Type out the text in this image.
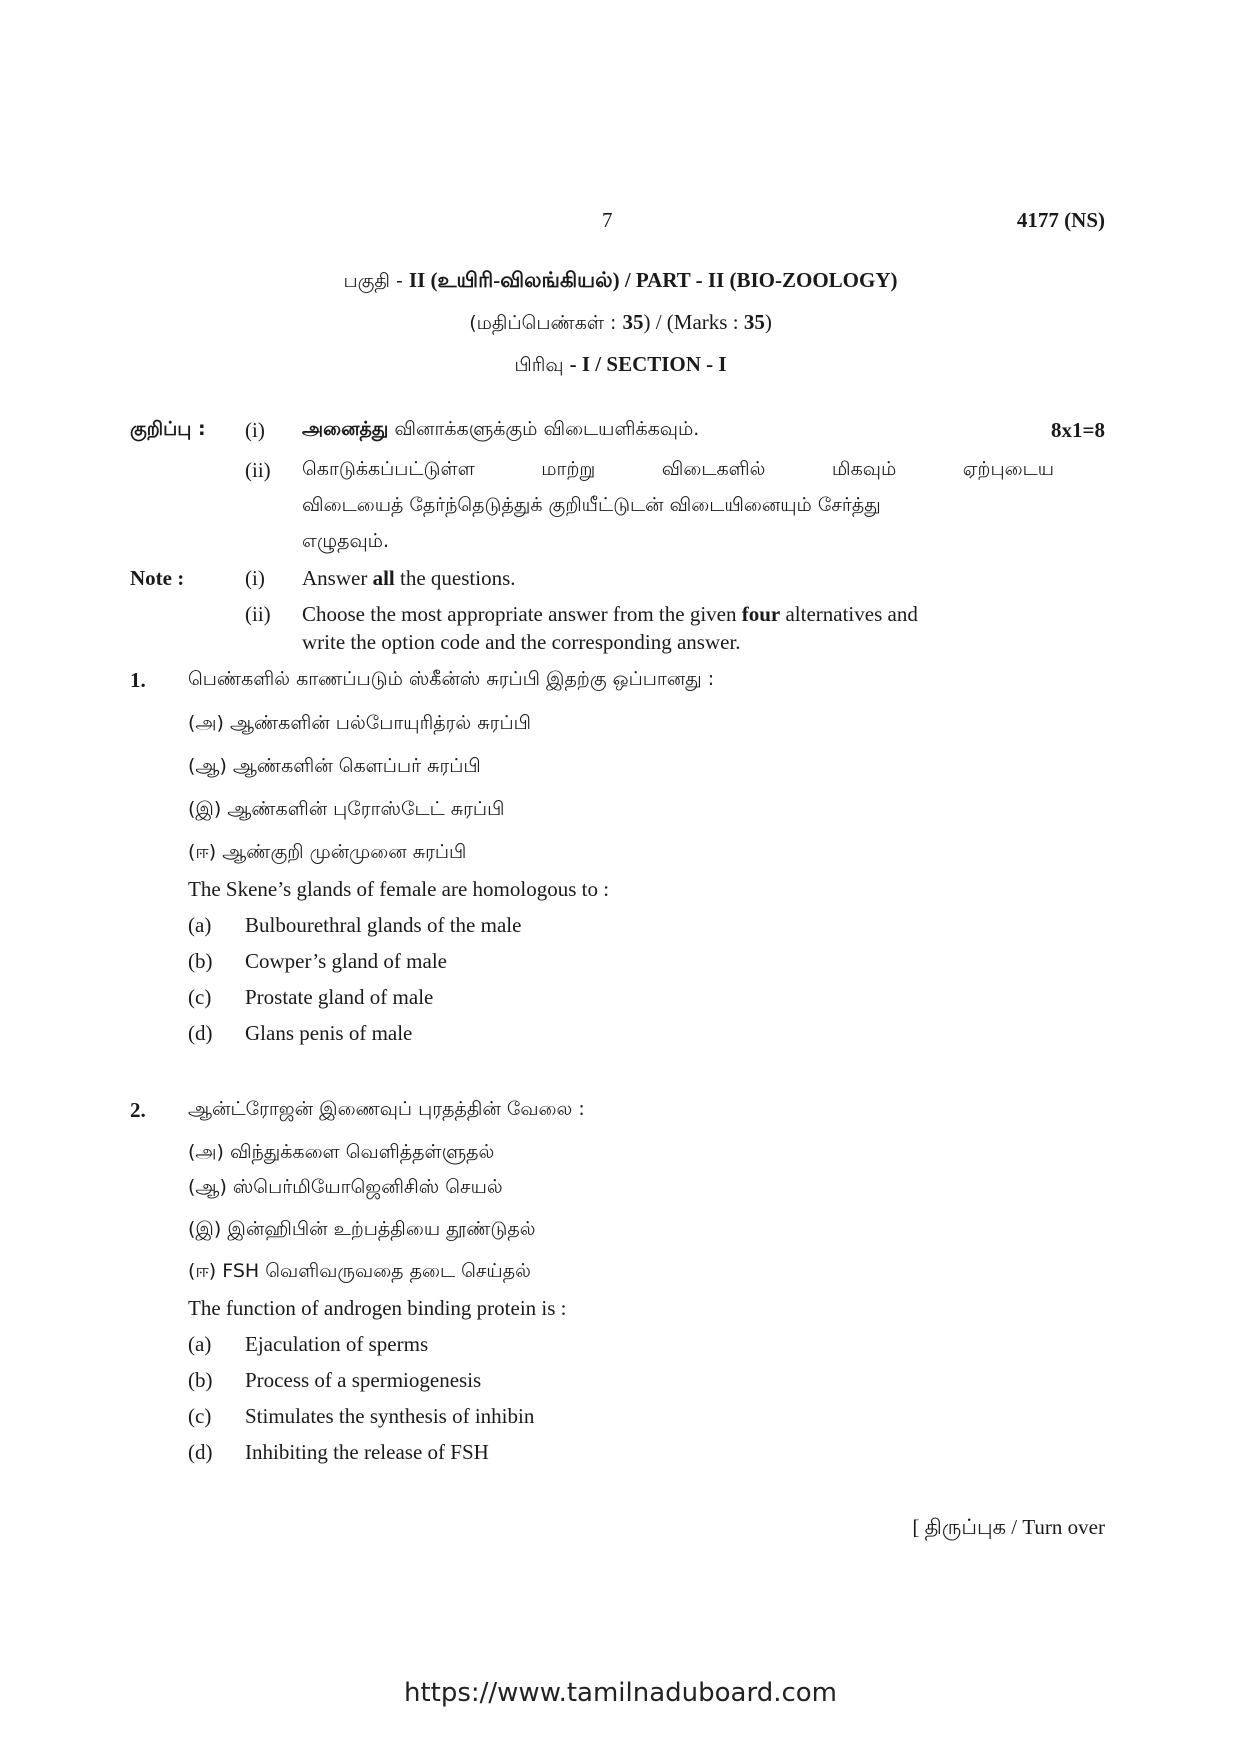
7	4177 (NS)
பகுதி - II (உயிரி-விலங்கியல்) / PART - II (BIO-ZOOLOGY)
(மதிப்பெண்கள் : 35) / (Marks : 35)
பிரிவு - I / SECTION - I
குறிப்பு : (i) அனைத்து வினாக்களுக்கும் விடையளிக்கவும்.	8x1=8
(ii) கொடுக்கப்பட்டுள்ள மாற்று விடைகளில் மிகவும் ஏற்புடைய
விடையைத் தேர்ந்தெடுத்துக் குறியீட்டுடன் விடையினையும் சேர்த்து
எழுதவும்.
Note :	(i) Answer all the questions.
(ii) Choose the most appropriate answer from the given four alternatives and
write the option code and the corresponding answer.
1. பெண்களில் காணப்படும் ஸ்கீன்ஸ் சுரப்பி இதற்கு ஒப்பானது :
(அ) ஆண்களின் பல்போயுரித்ரல் சுரப்பி
(ஆ) ஆண்களின் கௌப்பர் சுரப்பி
(இ) ஆண்களின் புரோஸ்டேட் சுரப்பி
(ஈ) ஆண்குறி முன்முனை சுரப்பி
The Skene’s glands of female are homologous to :
(a) Bulbourethral glands of the male
(b) Cowper’s gland of male
(c) Prostate gland of male
(d) Glans penis of male
2. ஆன்ட்ரோஜன் இணைவுப் புரதத்தின் வேலை :
(அ) விந்துக்களை வெளித்தள்ளுதல்
(ஆ) ஸ்பெர்மியோஜெனிசிஸ் செயல்
(இ) இன்ஹிபின் உற்பத்தியை தூண்டுதல்
(ஈ) FSH வெளிவருவதை தடை செய்தல்
The function of androgen binding protein is :
(a) Ejaculation of sperms
(b) Process of a spermiogenesis
(c) Stimulates the synthesis of inhibin
(d) Inhibiting the release of FSH
[ திருப்புக / Turn over
https://www.tamilnaduboard.com
